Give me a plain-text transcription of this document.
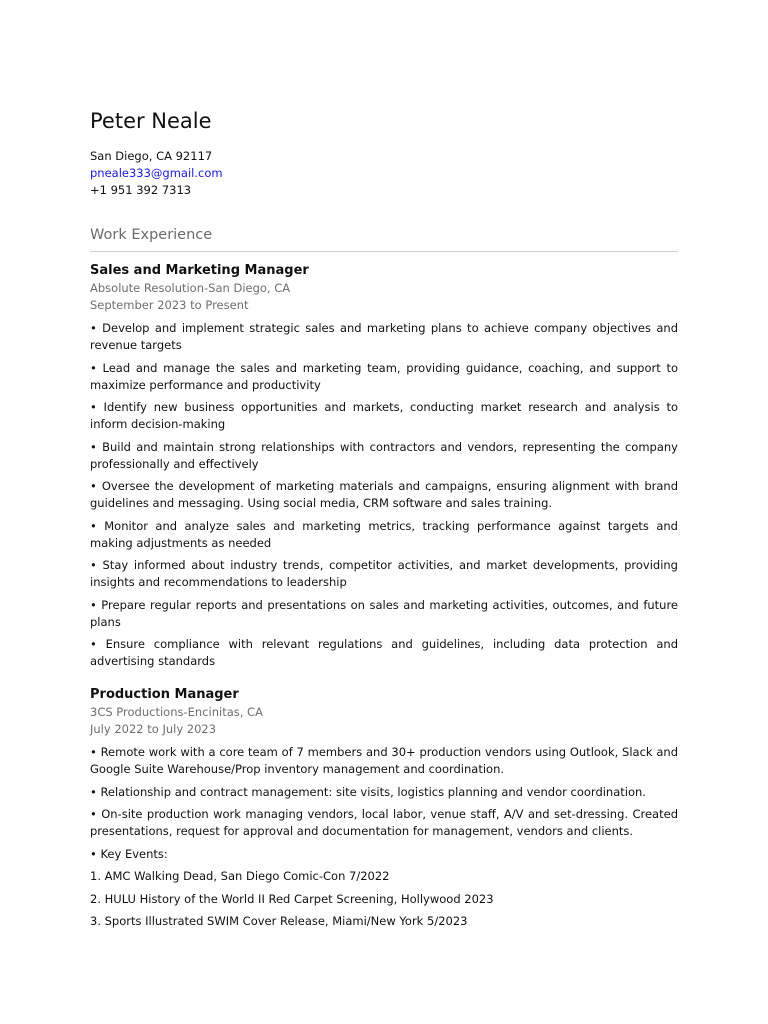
Peter Neale
San Diego, CA 92117
pneale333@gmail.com
+1 951 392 7313
Work Experience
Sales and Marketing Manager
Absolute Resolution-San Diego, CA
September 2023 to Present
• Develop and implement strategic sales and marketing plans to achieve company objectives and revenue targets
• Lead and manage the sales and marketing team, providing guidance, coaching, and support to maximize performance and productivity
• Identify new business opportunities and markets, conducting market research and analysis to inform decision-making
• Build and maintain strong relationships with contractors and vendors, representing the company professionally and effectively
• Oversee the development of marketing materials and campaigns, ensuring alignment with brand guidelines and messaging. Using social media, CRM software and sales training.
• Monitor and analyze sales and marketing metrics, tracking performance against targets and making adjustments as needed
• Stay informed about industry trends, competitor activities, and market developments, providing insights and recommendations to leadership
• Prepare regular reports and presentations on sales and marketing activities, outcomes, and future plans
• Ensure compliance with relevant regulations and guidelines, including data protection and advertising standards
Production Manager
3CS Productions-Encinitas, CA
July 2022 to July 2023
• Remote work with a core team of 7 members and 30+ production vendors using Outlook, Slack and Google Suite Warehouse/Prop inventory management and coordination.
• Relationship and contract management: site visits, logistics planning and vendor coordination.
• On-site production work managing vendors, local labor, venue staff, A/V and set-dressing. Created presentations, request for approval and documentation for management, vendors and clients.
• Key Events:
1. AMC Walking Dead, San Diego Comic-Con 7/2022
2. HULU History of the World II Red Carpet Screening, Hollywood 2023
3. Sports Illustrated SWIM Cover Release, Miami/New York 5/2023
